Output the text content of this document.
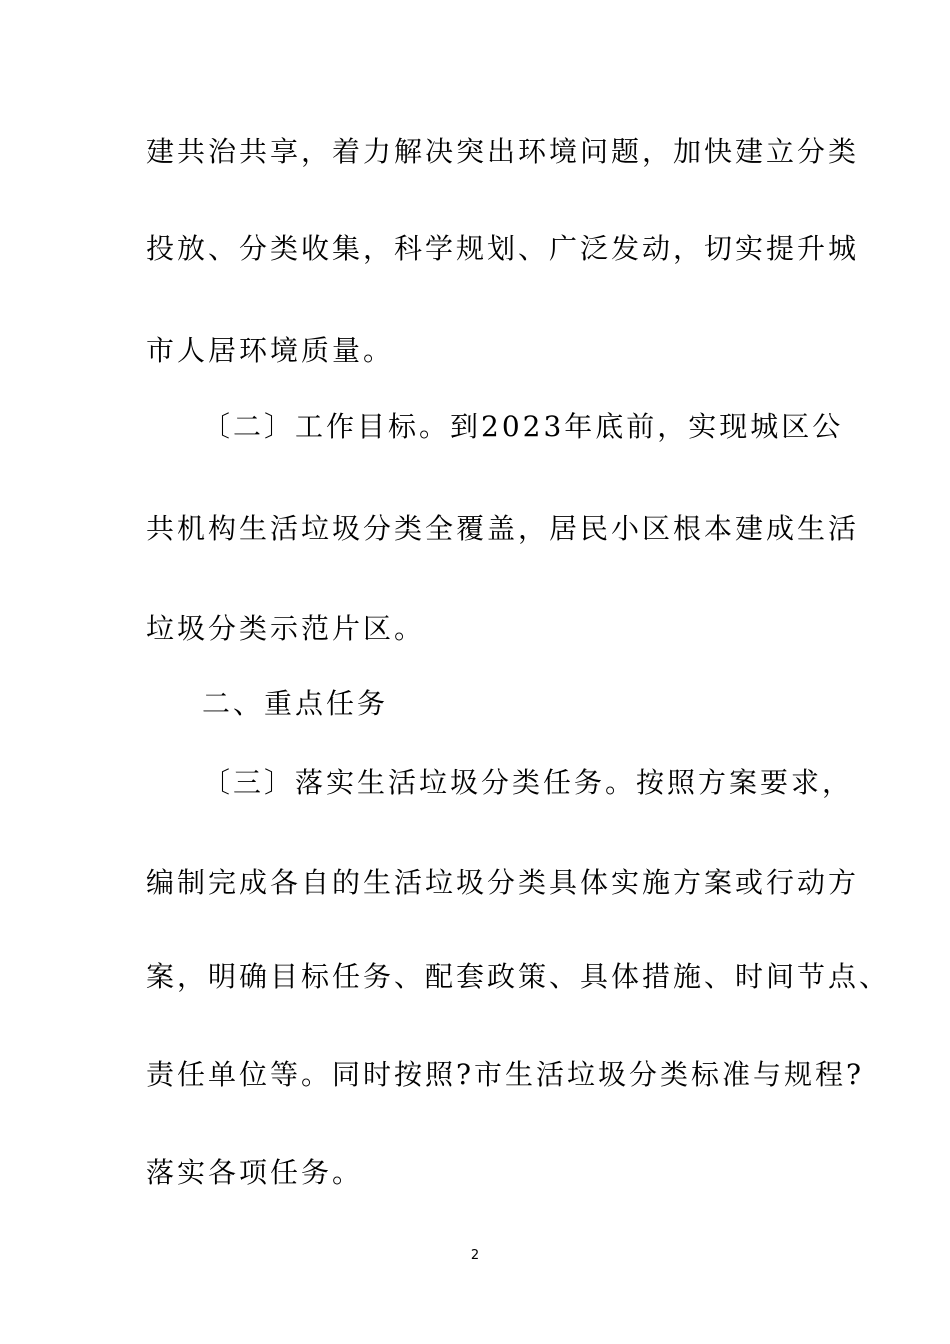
建共治共享，着力解决突出环境问题，加快建立分类
投放、分类收集，科学规划、广泛发动，切实提升城
市人居环境质量。
〔二〕工作目标。到2023年底前，实现城区公
共机构生活垃圾分类全覆盖，居民小区根本建成生活
垃圾分类示范片区。
二、重点任务
〔三〕落实生活垃圾分类任务。按照方案要求，
编制完成各自的生活垃圾分类具体实施方案或行动方
案，明确目标任务、配套政策、具体措施、时间节点、
责任单位等。同时按照?市生活垃圾分类标准与规程?
落实各项任务。
2
